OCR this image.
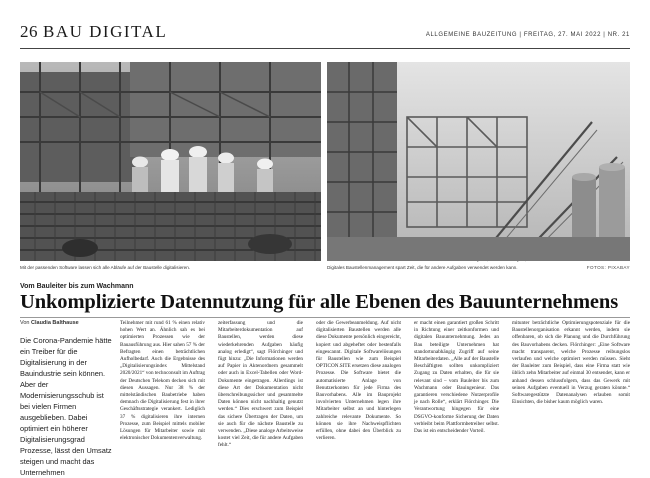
26 BAU DIGITAL	ALLGEMEINE BAUZEITUNG | FREITAG, 27. MAI 2022 | NR. 21
Mit der passenden Software lassen sich alle Abläufe auf der Baustelle digitalisieren.	Digitales Baustellenmanagement spart Zeit, die für andere Aufgaben verwendet werden kann.	FOTOS: PIXABAY
Vom Bauleiter bis zum Wachmann
Unkomplizierte Datennutzung für alle Ebenen des Bauunternehmens
Von Claudia Balthause

Die Corona-Pandemie hätte ein Treiber für die Digitalisierung in der Bauindustrie sein können. Aber der Modernisierungsschub ist bei vielen Firmen ausgeblieben. Dabei optimiert ein höherer Digitalisierungsgrad Prozesse, lässt den Umsatz steigen und macht das Unternehmen

Teilnehmer mit rund 61 % einen relativ hohen Wert an. Ähnlich sah es bei optimierten Prozessen wie der Bauausführung aus. Hier sahen 57 % der Befragten einen beträchtlichen Aufholbedarf. Auch die Ergebnisse des „Digitalisierungsindex Mittelstand 2020/2021“ von technconsult im Auftrag der Deutschen Telekom decken sich mit diesen Aussagen. Nur 38 % der mittelständischen Baubetriebe haben demnach die Digitalisierung fest in ihrer Geschäftsstrategie verankert. Lediglich 37 % digitalisieren ihre internen Prozesse, zum Beispiel mittels mobiler Lösungen für Mitarbeiter sowie mit elektronischer Dokumentenverwaltung.

zeiterfassung und die Mitarbeiterdokumentation auf Baustellen, werden diese wiederkehrenden Aufgaben häufig analog erledigt“, sagt Flörchinger und fügt hinzu: „Die Informationen werden auf Papier in Aktenordnern gesammelt oder auch in Excel-Tabellen oder Word-Dokumente eingetragen. Allerdings ist diese Art der Dokumentation nicht überschreibungssicher und gesammelte Daten können nicht nachhaltig genutzt werden.“ Dies erschwert zum Beispiel das sichere Übertragen der Daten, um sie auch für die nächste Baustelle zu verwenden. „Diese analoge Arbeitsweise kostet viel Zeit, die für andere Aufgaben fehlt.“

oder die Gewerbeanmeldung. Auf nicht digitalisierten Baustellen werden alle diese Dokumente persönlich eingereicht, kopiert und abgeheftet oder bestenfalls eingescannt. Digitale Softwarelösungen für Baustellen wie zum Beispiel OPTICON.SITE ersetzen diese analogen Prozesse. Die Software bietet die automatisierte Anlage von Benutzerkonten für jede Firma des Bauvorhabens. Alle im Bauprojekt involvierten Unternehmen legen ihre Mitarbeiter selbst an und hinterlegen zahlreiche relevante Dokumente. So können sie ihre Nachweispflichten erfüllen, ohne dabei den Überblick zu verlieren.

er macht einen garantiert großen Schritt in Richtung einer zeitkonformen und digitalen Bauunternehmung. Jedes an Bau beteiligte Unternehmen hat standortunabhängig Zugriff auf seine Mitarbeiterdaten. „Alle auf der Baustelle Beschäftigten sollten unkompliziert Zugang zu Daten erhalten, die für sie relevant sind – vom Bauleiter bis zum Wachmann oder Bauingenieur. Das garantieren verschiedene Nutzerprofile je nach Rolle“, erklärt Flörchinger. Die Verantwortung hingegen für eine DSGVO-konforme Sicherung der Daten verbleibt beim Plattformbetreiber selbst. Das ist ein entscheidender Vorteil.

mitunter beträchtliche Optimierungspotenziale für die Baustellenorganisation erkannt werden, indem sie offenbaren, ob sich die Planung und die Durchführung des Bauvorhabens decken. Flörchinger: „Eine Software macht transparent, welche Prozesse reibungslos verlaufen und welche optimiert werden müssen. Sieht der Bauleiter zum Beispiel, dass eine Firma statt wie üblich zehn Mitarbeiter auf einmal 30 entsendet, kann er anhand dessen schlussfolgern, dass das Gewerk mit seinen Aufgaben eventuell in Verzug geraten könnte.“ Softwaregestützte Datenanalysen erlauben somit Einsichten, die bisher kaum möglich waren.
